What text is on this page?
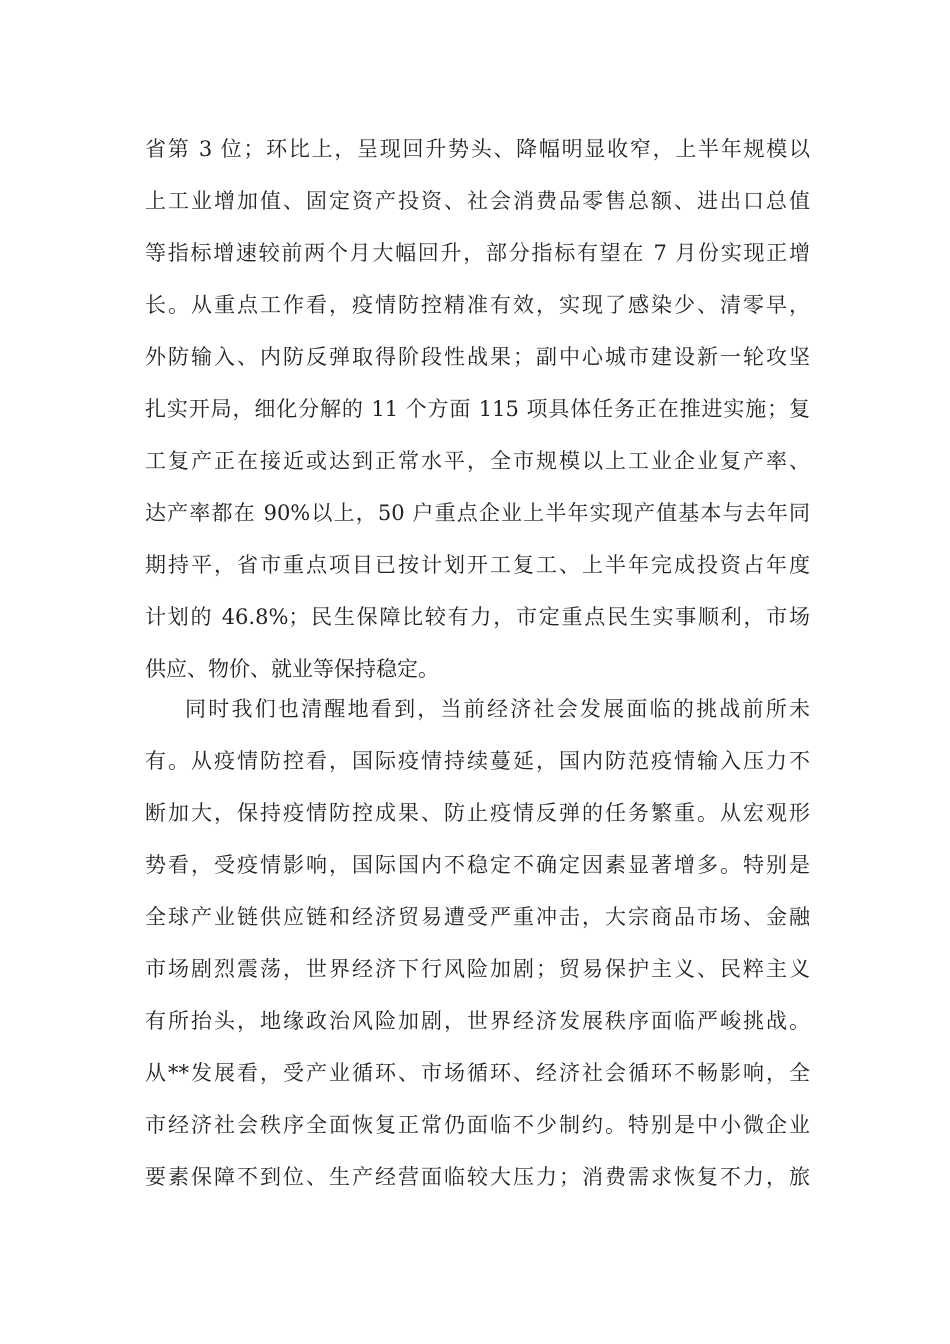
省第 3 位；环比上，呈现回升势头、降幅明显收窄，上半年规模以
上工业增加值、固定资产投资、社会消费品零售总额、进出口总值
等指标增速较前两个月大幅回升，部分指标有望在 7 月份实现正增
长。从重点工作看，疫情防控精准有效，实现了感染少、清零早，
外防输入、内防反弹取得阶段性战果；副中心城市建设新一轮攻坚
扎实开局，细化分解的 11 个方面 115 项具体任务正在推进实施；复
工复产正在接近或达到正常水平，全市规模以上工业企业复产率、
达产率都在 90%以上，50 户重点企业上半年实现产值基本与去年同
期持平，省市重点项目已按计划开工复工、上半年完成投资占年度
计划的 46.8%；民生保障比较有力，市定重点民生实事顺利，市场
供应、物价、就业等保持稳定。
同时我们也清醒地看到，当前经济社会发展面临的挑战前所未
有。从疫情防控看，国际疫情持续蔓延，国内防范疫情输入压力不
断加大，保持疫情防控成果、防止疫情反弹的任务繁重。从宏观形
势看，受疫情影响，国际国内不稳定不确定因素显著增多。特别是
全球产业链供应链和经济贸易遭受严重冲击，大宗商品市场、金融
市场剧烈震荡，世界经济下行风险加剧；贸易保护主义、民粹主义
有所抬头，地缘政治风险加剧，世界经济发展秩序面临严峻挑战。
从**发展看，受产业循环、市场循环、经济社会循环不畅影响，全
市经济社会秩序全面恢复正常仍面临不少制约。特别是中小微企业
要素保障不到位、生产经营面临较大压力；消费需求恢复不力，旅
